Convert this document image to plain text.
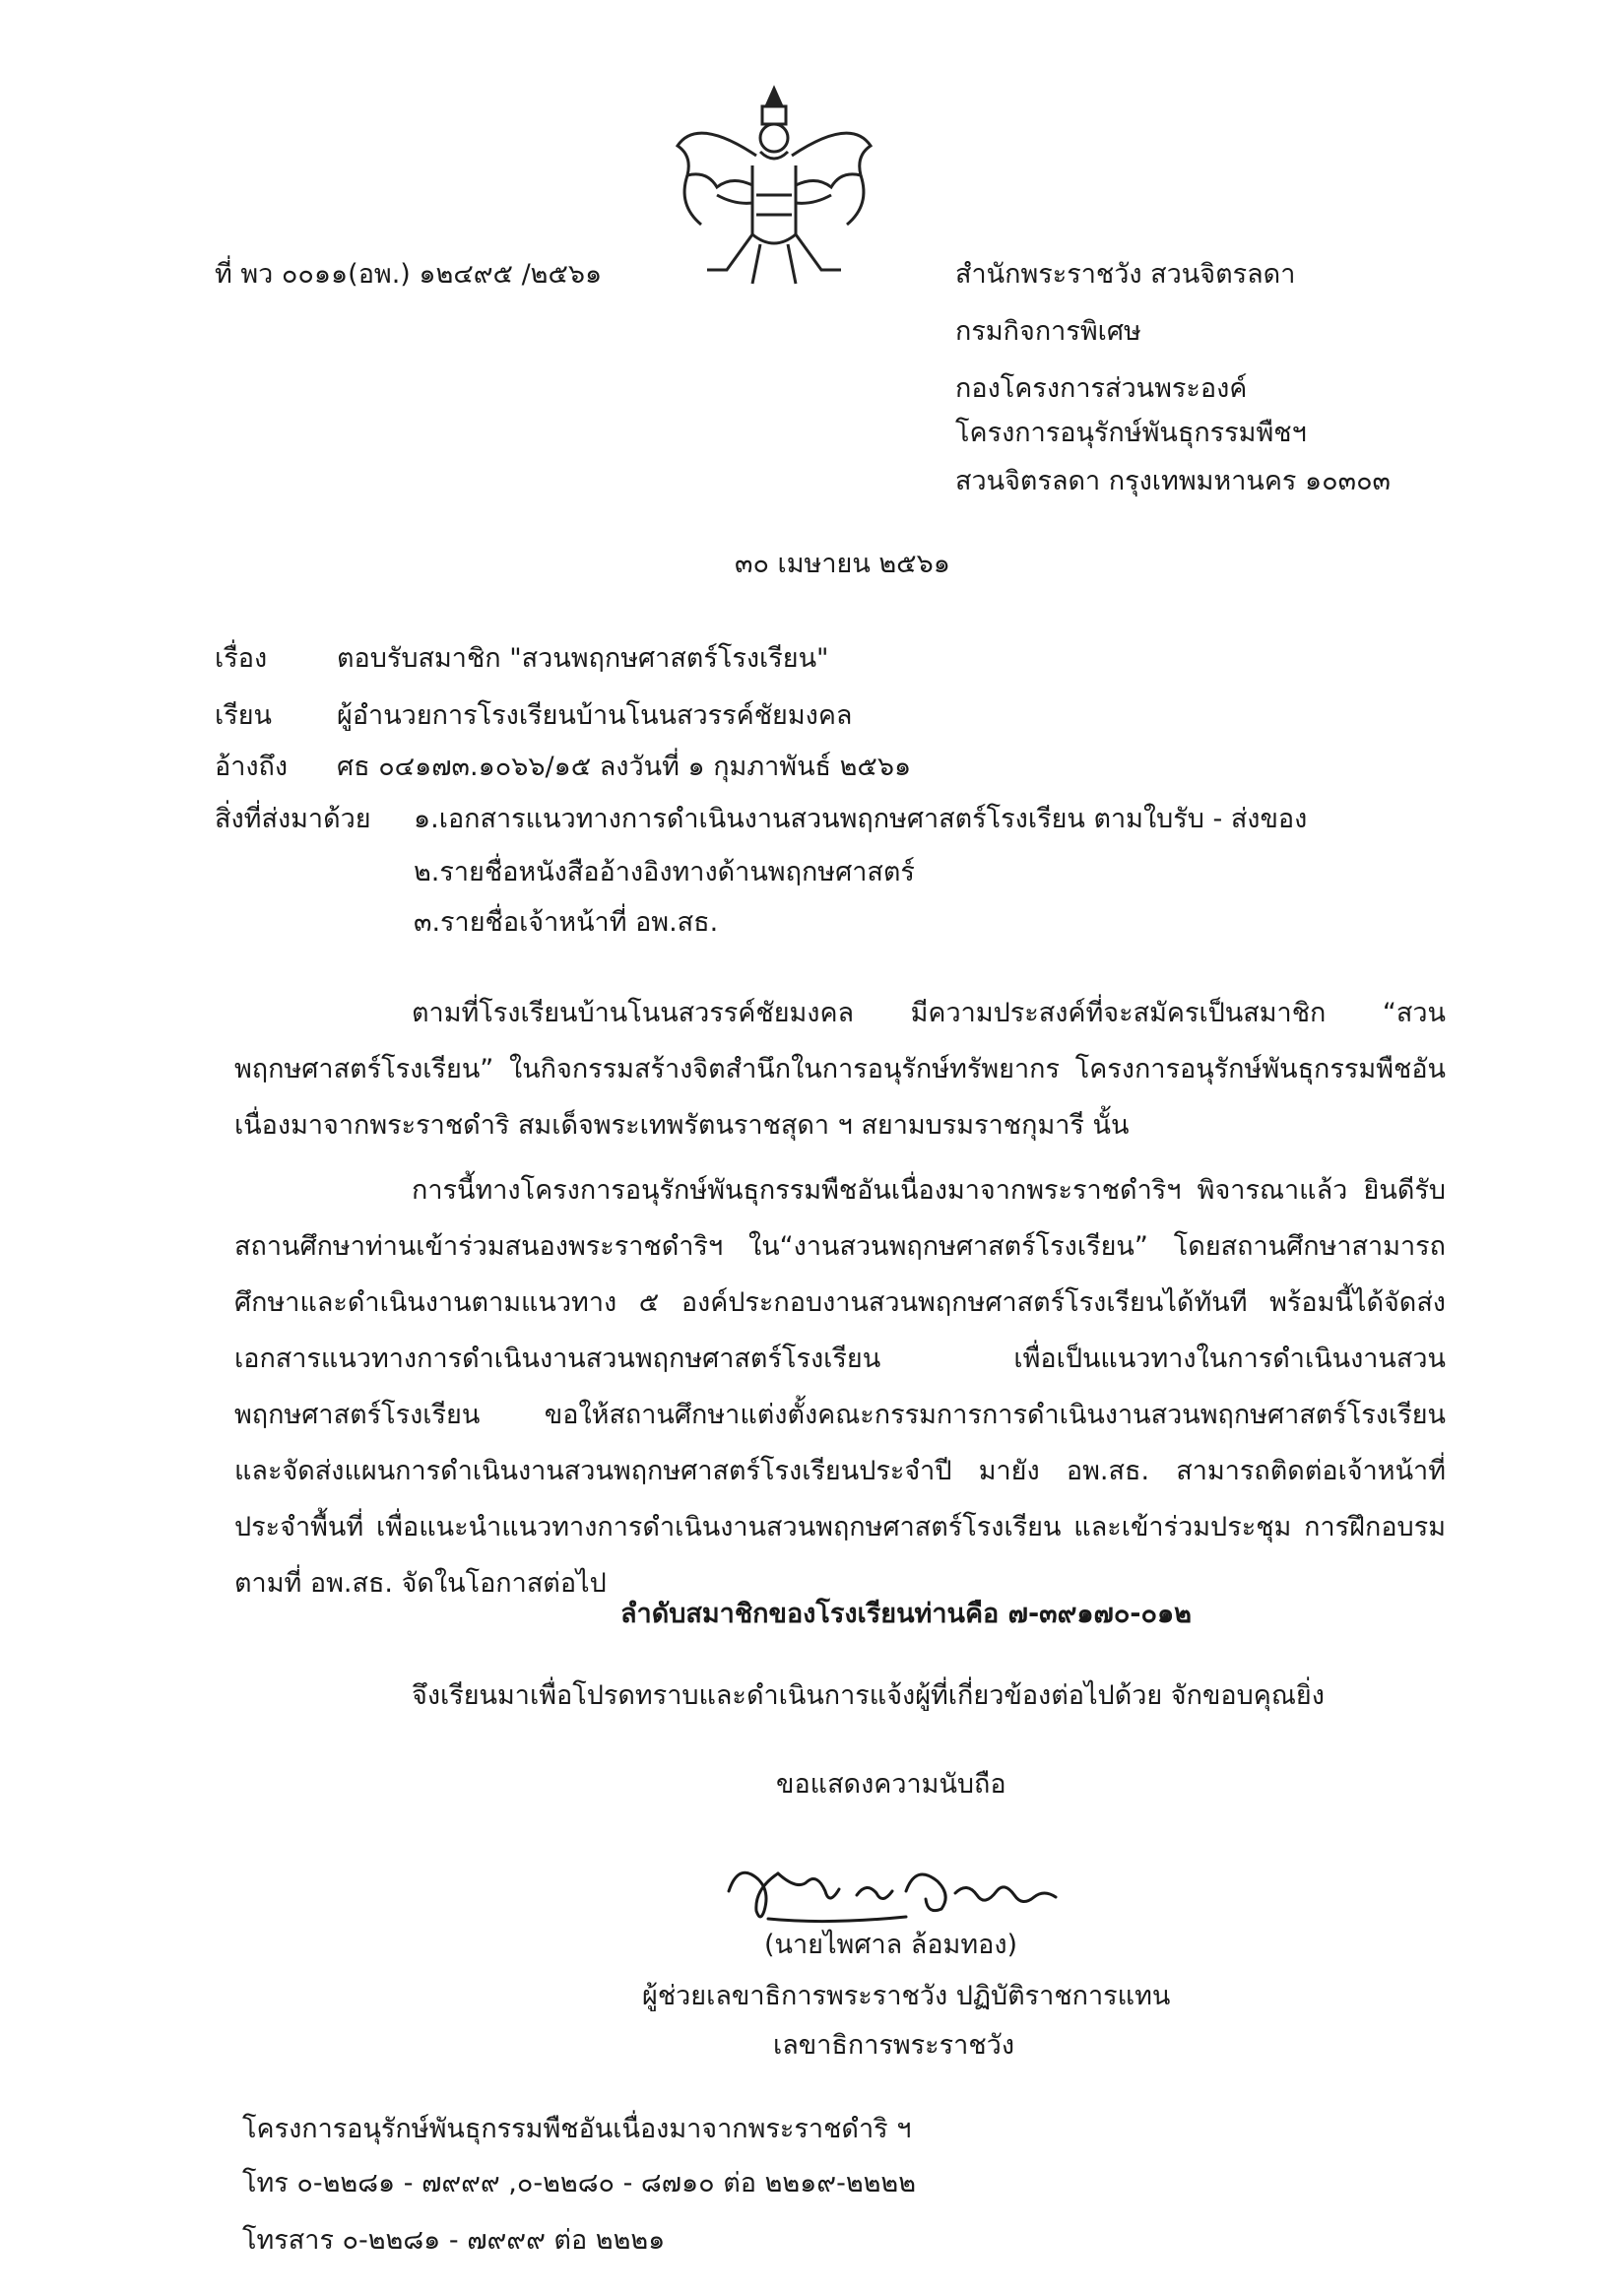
ที่ พว ๐๐๑๑(อพ.) ๑๒๔๙๕ /๒๕๖๑	สำนักพระราชวัง สวนจิตรลดา
กรมกิจการพิเศษ
กองโครงการส่วนพระองค์
โครงการอนุรักษ์พันธุกรรมพืชฯ
สวนจิตรลดา กรุงเทพมหานคร ๑๐๓๐๓
๓๐ เมษายน ๒๕๖๑
เรื่อง	ตอบรับสมาชิก "สวนพฤกษศาสตร์โรงเรียน"
เรียน ผู้อำนวยการโรงเรียนบ้านโนนสวรรค์ชัยมงคล
อ้างถึง ศธ ๐๔๑๗๓.๑๐๖๖/๑๕ ลงวันที่ ๑ กุมภาพันธ์ ๒๕๖๑
สิ่งที่ส่งมาด้วย ๑.เอกสารแนวทางการดำเนินงานสวนพฤกษศาสตร์โรงเรียน ตามใบรับ - ส่งของ
๒.รายชื่อหนังสืออ้างอิงทางด้านพฤกษศาสตร์
๓.รายชื่อเจ้าหน้าที่ อพ.สธ.
ตามที่โรงเรียนบ้านโนนสวรรค์ชัยมงคล มีความประสงค์ที่จะสมัครเป็นสมาชิก “สวนพฤกษศาสตร์โรงเรียน” ในกิจกรรมสร้างจิตสำนึกในการอนุรักษ์ทรัพยากร โครงการอนุรักษ์พันธุกรรมพืชอันเนื่องมาจากพระราชดำริ สมเด็จพระเทพรัตนราชสุดา ฯ สยามบรมราชกุมารี นั้น
การนี้ทางโครงการอนุรักษ์พันธุกรรมพืชอันเนื่องมาจากพระราชดำริฯ พิจารณาแล้ว ยินดีรับสถานศึกษาท่านเข้าร่วมสนองพระราชดำริฯ ใน“งานสวนพฤกษศาสตร์โรงเรียน” โดยสถานศึกษาสามารถศึกษาและดำเนินงานตามแนวทาง ๕ องค์ประกอบงานสวนพฤกษศาสตร์โรงเรียนได้ทันที พร้อมนี้ได้จัดส่งเอกสารแนวทางการดำเนินงานสวนพฤกษศาสตร์โรงเรียน เพื่อเป็นแนวทางในการดำเนินงานสวนพฤกษศาสตร์โรงเรียน ขอให้สถานศึกษาแต่งตั้งคณะกรรมการการดำเนินงานสวนพฤกษศาสตร์โรงเรียน และจัดส่งแผนการดำเนินงานสวนพฤกษศาสตร์โรงเรียนประจำปี มายัง อพ.สธ. สามารถติดต่อเจ้าหน้าที่ ประจำพื้นที่ เพื่อแนะนำแนวทางการดำเนินงานสวนพฤกษศาสตร์โรงเรียน และเข้าร่วมประชุม การฝึกอบรม ตามที่ อพ.สธ. จัดในโอกาสต่อไป
ลำดับสมาชิกของโรงเรียนท่านคือ ๗-๓๙๑๗๐-๐๑๒
จึงเรียนมาเพื่อโปรดทราบและดำเนินการแจ้งผู้ที่เกี่ยวข้องต่อไปด้วย จักขอบคุณยิ่ง
ขอแสดงความนับถือ
(นายไพศาล ล้อมทอง)
ผู้ช่วยเลขาธิการพระราชวัง ปฏิบัติราชการแทน
เลขาธิการพระราชวัง
โครงการอนุรักษ์พันธุกรรมพืชอันเนื่องมาจากพระราชดำริ ฯ
โทร ๐-๒๒๘๑ - ๗๙๙๙ ,๐-๒๒๘๐ - ๘๗๑๐ ต่อ ๒๒๑๙-๒๒๒๒
โทรสาร ๐-๒๒๘๑ - ๗๙๙๙ ต่อ ๒๒๒๑
